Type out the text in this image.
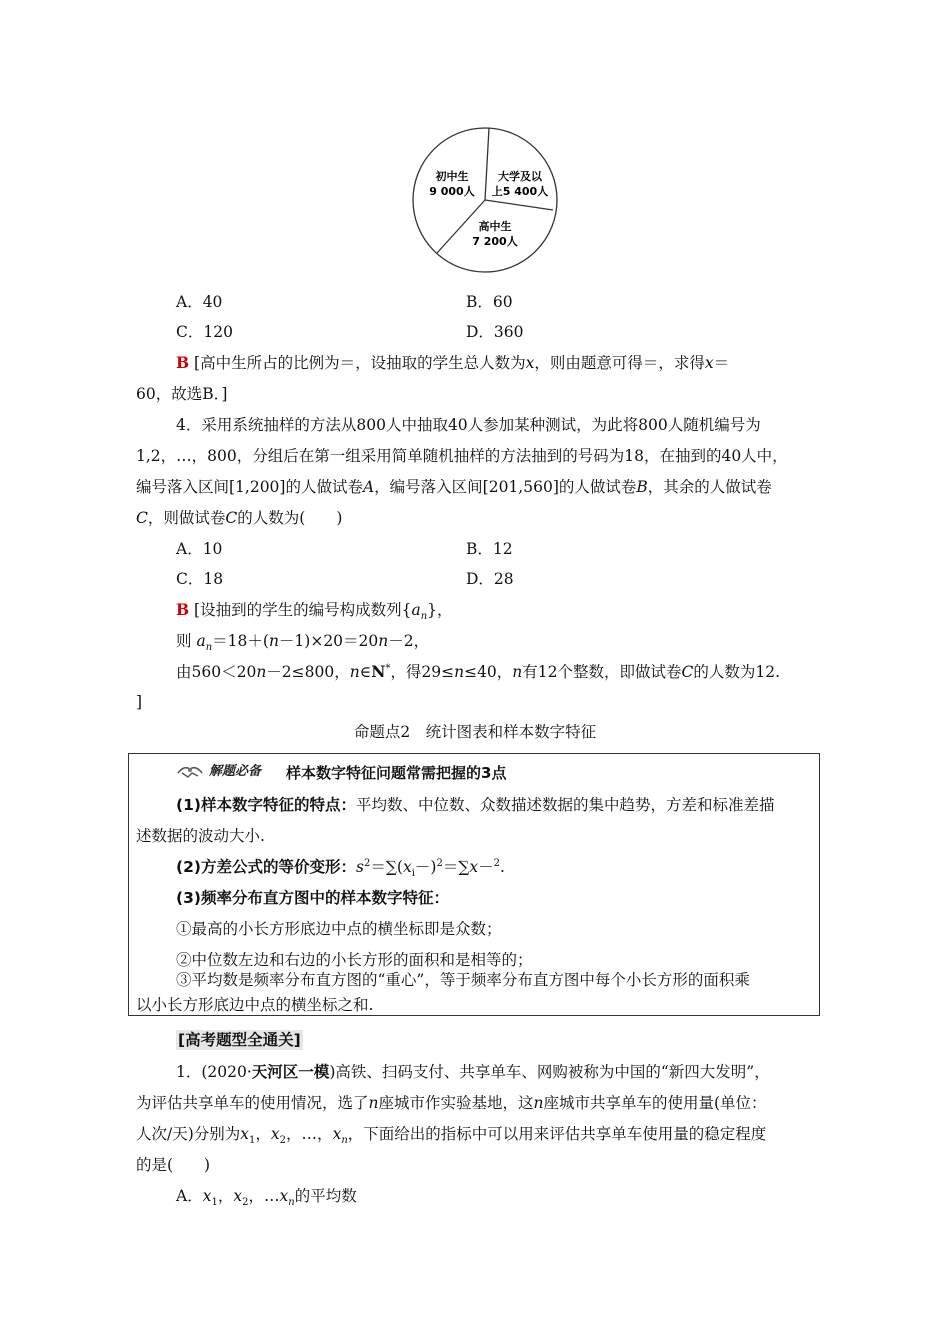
初中生
9 000人
大学及以
上5 400人
高中生
7 200人
A．40	B．60
C．120	D．360
B [高中生所占的比例为＝，设抽取的学生总人数为x，则由题意可得＝，求得x＝
60，故选B．]
4．采用系统抽样的方法从800人中抽取40人参加某种测试，为此将800人随机编号为
1,2，…，800，分组后在第一组采用简单随机抽样的方法抽到的号码为18，在抽到的40人中，
编号落入区间[1,200]的人做试卷A，编号落入区间[201,560]的人做试卷B，其余的人做试卷
C，则做试卷C的人数为(　　)
A．10	B．12
C．18	D．28
B [设抽到的学生的编号构成数列$\{a_n\}$，
则 $a_n=18+(n-1)\times 20=20n-2$，
由560＜20n－2≤800，n∈N*，得29≤n≤40，n有12个整数，即做试卷C的人数为12.
]
命题点2　统计图表和样本数字特征
解题必备 样本数字特征问题常需把握的3点
(1)样本数字特征的特点：平均数、中位数、众数描述数据的集中趋势，方差和标准差描
述数据的波动大小.
(2)方差公式的等价变形：$s^2=\sum(x_i-)^2=\sum x-^2$.
(3)频率分布直方图中的样本数字特征：
①最高的小长方形底边中点的横坐标即是众数；
②中位数左边和右边的小长方形的面积和是相等的；
③平均数是频率分布直方图的“重心”，等于频率分布直方图中每个小长方形的面积乘
以小长方形底边中点的横坐标之和.
[高考题型全通关]
1．(2020·天河区一模)高铁、扫码支付、共享单车、网购被称为中国的“新四大发明”，
为评估共享单车的使用情况，选了n座城市作实验基地，这n座城市共享单车的使用量(单位：
人次/天)分别为$x_1$，$x_2$，…，$x_n$，下面给出的指标中可以用来评估共享单车使用量的稳定程度
的是(　　)
A．$x_1$，$x_2$，$\dots x_n$的平均数
